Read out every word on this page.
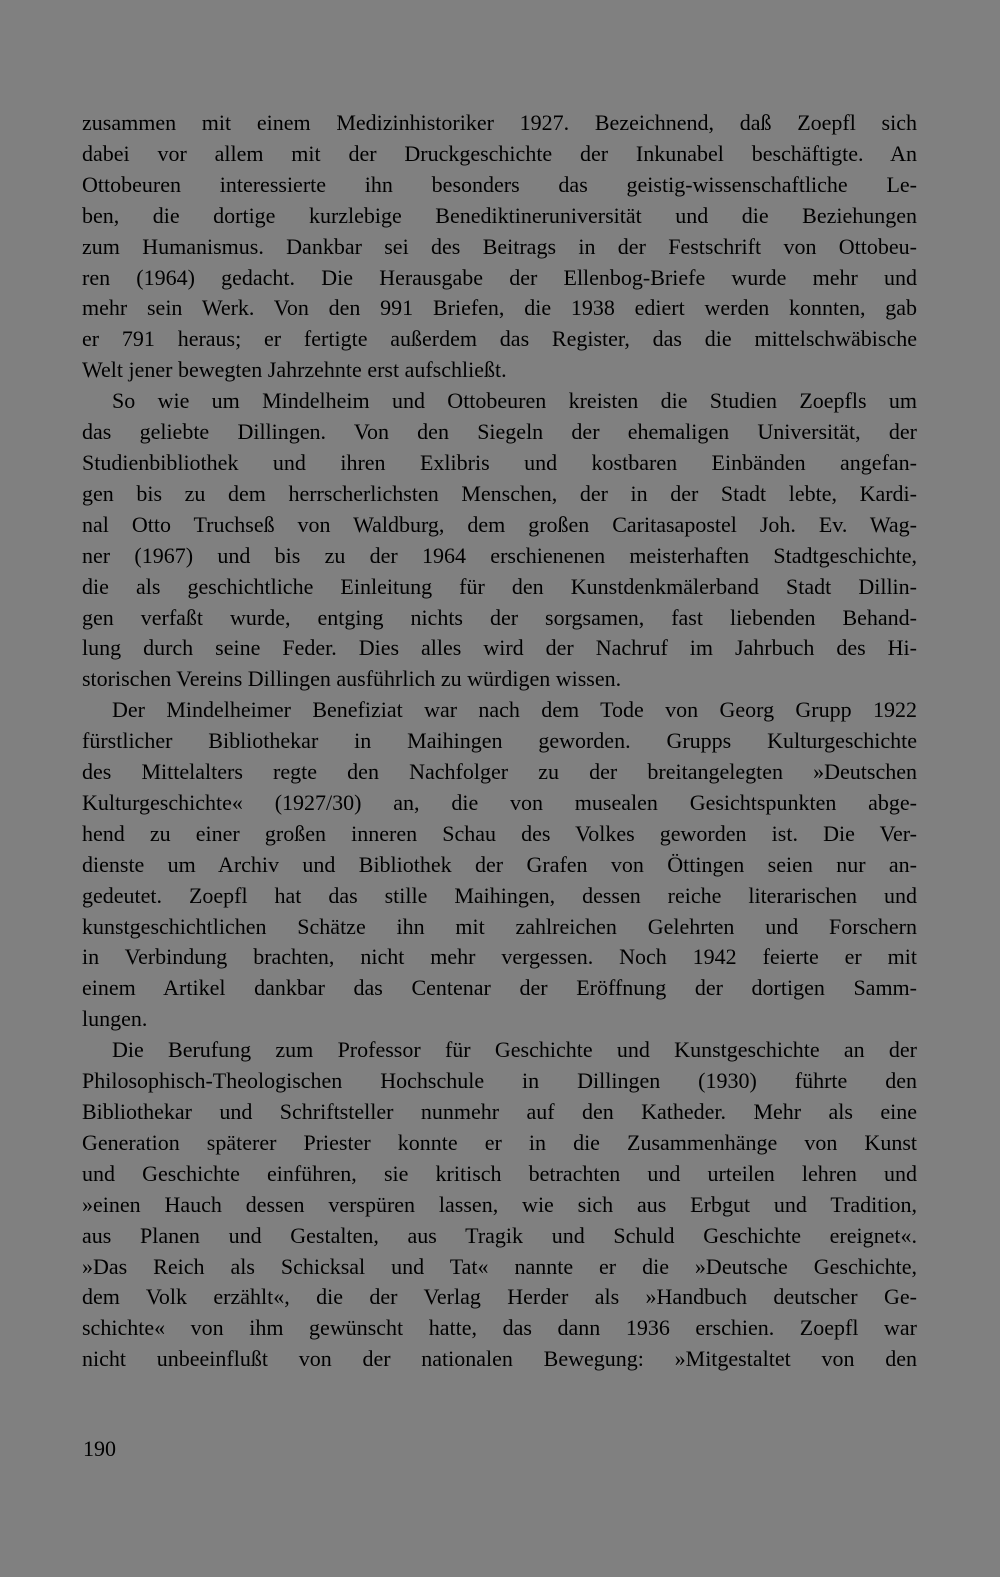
zusammen mit einem Medizinhistoriker 1927. Bezeichnend, daß Zoepfl sich
dabei vor allem mit der Druckgeschichte der Inkunabel beschäftigte. An
Ottobeuren interessierte ihn besonders das geistig-wissenschaftliche Le-
ben, die dortige kurzlebige Benediktineruniversität und die Beziehungen
zum Humanismus. Dankbar sei des Beitrags in der Festschrift von Ottobeu-
ren (1964) gedacht. Die Herausgabe der Ellenbog-Briefe wurde mehr und
mehr sein Werk. Von den 991 Briefen, die 1938 ediert werden konnten, gab
er 791 heraus; er fertigte außerdem das Register, das die mittelschwäbische
Welt jener bewegten Jahrzehnte erst aufschließt.

So wie um Mindelheim und Ottobeuren kreisten die Studien Zoepfls um
das geliebte Dillingen. Von den Siegeln der ehemaligen Universität, der
Studienbibliothek und ihren Exlibris und kostbaren Einbänden angefan-
gen bis zu dem herrscherlichsten Menschen, der in der Stadt lebte, Kardi-
nal Otto Truchseß von Waldburg, dem großen Caritasapostel Joh. Ev. Wag-
ner (1967) und bis zu der 1964 erschienenen meisterhaften Stadtgeschichte,
die als geschichtliche Einleitung für den Kunstdenkmälerband Stadt Dillin-
gen verfaßt wurde, entging nichts der sorgsamen, fast liebenden Behand-
lung durch seine Feder. Dies alles wird der Nachruf im Jahrbuch des Hi-
storischen Vereins Dillingen ausführlich zu würdigen wissen.

Der Mindelheimer Benefiziat war nach dem Tode von Georg Grupp 1922
fürstlicher Bibliothekar in Maihingen geworden. Grupps Kulturgeschichte
des Mittelalters regte den Nachfolger zu der breitangelegten »Deutschen
Kulturgeschichte« (1927/30) an, die von musealen Gesichtspunkten abge-
hend zu einer großen inneren Schau des Volkes geworden ist. Die Ver-
dienste um Archiv und Bibliothek der Grafen von Öttingen seien nur an-
gedeutet. Zoepfl hat das stille Maihingen, dessen reiche literarischen und
kunstgeschichtlichen Schätze ihn mit zahlreichen Gelehrten und Forschern
in Verbindung brachten, nicht mehr vergessen. Noch 1942 feierte er mit
einem Artikel dankbar das Centenar der Eröffnung der dortigen Samm-
lungen.

Die Berufung zum Professor für Geschichte und Kunstgeschichte an der
Philosophisch-Theologischen Hochschule in Dillingen (1930) führte den
Bibliothekar und Schriftsteller nunmehr auf den Katheder. Mehr als eine
Generation späterer Priester konnte er in die Zusammenhänge von Kunst
und Geschichte einführen, sie kritisch betrachten und urteilen lehren und
»einen Hauch dessen verspüren lassen, wie sich aus Erbgut und Tradition,
aus Planen und Gestalten, aus Tragik und Schuld Geschichte ereignet«.
»Das Reich als Schicksal und Tat« nannte er die »Deutsche Geschichte,
dem Volk erzählt«, die der Verlag Herder als »Handbuch deutscher Ge-
schichte« von ihm gewünscht hatte, das dann 1936 erschien. Zoepfl war
nicht unbeeinflußt von der nationalen Bewegung: »Mitgestaltet von den

190
